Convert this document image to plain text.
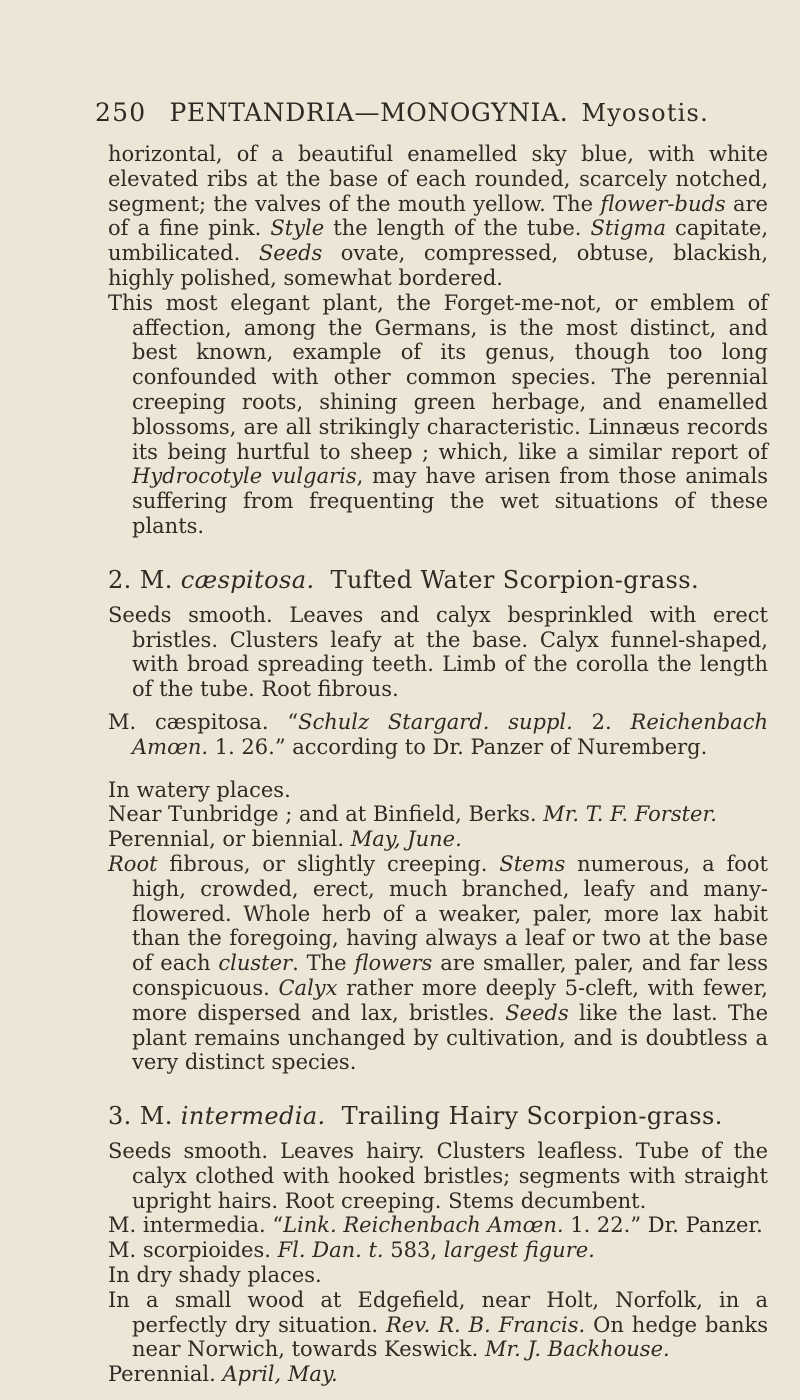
250 PENTANDRIA—MONOGYNIA. Myosotis.

horizontal, of a beautiful enamelled sky blue, with white elevated ribs at the base of each rounded, scarcely notched, segment; the valves of the mouth yellow. The flower-buds are of a fine pink. Style the length of the tube. Stigma capitate, umbilicated. Seeds ovate, compressed, obtuse, blackish, highly polished, somewhat bordered.

This most elegant plant, the Forget-me-not, or emblem of affection, among the Germans, is the most distinct, and best known, example of its genus, though too long confounded with other common species. The perennial creeping roots, shining green herbage, and enamelled blossoms, are all strikingly characteristic. Linnæus records its being hurtful to sheep ; which, like a similar report of Hydrocotyle vulgaris, may have arisen from those animals suffering from frequenting the wet situations of these plants.

2. M. cæspitosa. Tufted Water Scorpion-grass.

Seeds smooth. Leaves and calyx besprinkled with erect bristles. Clusters leafy at the base. Calyx funnel-shaped, with broad spreading teeth. Limb of the corolla the length of the tube. Root fibrous.

M. cæspitosa. “Schulz Stargard. suppl. 2. Reichenbach Amœn. 1. 26.” according to Dr. Panzer of Nuremberg.

In watery places.

Near Tunbridge ; and at Binfield, Berks. Mr. T. F. Forster.

Perennial, or biennial. May, June.

Root fibrous, or slightly creeping. Stems numerous, a foot high, crowded, erect, much branched, leafy and many-flowered. Whole herb of a weaker, paler, more lax habit than the foregoing, having always a leaf or two at the base of each cluster. The flowers are smaller, paler, and far less conspicuous. Calyx rather more deeply 5-cleft, with fewer, more dispersed and lax, bristles. Seeds like the last. The plant remains unchanged by cultivation, and is doubtless a very distinct species.

3. M. intermedia. Trailing Hairy Scorpion-grass.

Seeds smooth. Leaves hairy. Clusters leafless. Tube of the calyx clothed with hooked bristles; segments with straight upright hairs. Root creeping. Stems decumbent.

M. intermedia. “Link. Reichenbach Amœn. 1. 22.” Dr. Panzer.

M. scorpioides. Fl. Dan. t. 583, largest figure.

In dry shady places.

In a small wood at Edgefield, near Holt, Norfolk, in a perfectly dry situation. Rev. R. B. Francis. On hedge banks near Norwich, towards Keswick. Mr. J. Backhouse.

Perennial. April, May.
